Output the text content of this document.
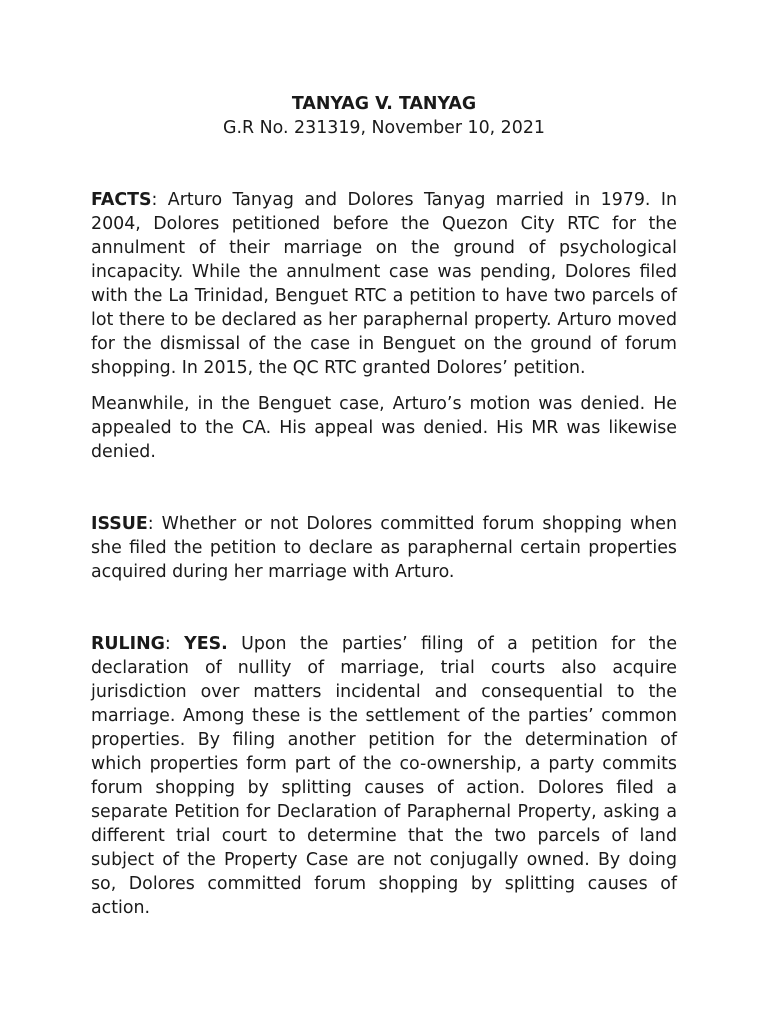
TANYAG V. TANYAG
G.R No. 231319, November 10, 2021

FACTS: Arturo Tanyag and Dolores Tanyag married in 1979. In 2004, Dolores petitioned before the Quezon City RTC for the annulment of their marriage on the ground of psychological incapacity. While the annulment case was pending, Dolores filed with the La Trinidad, Benguet RTC a petition to have two parcels of lot there to be declared as her paraphernal property. Arturo moved for the dismissal of the case in Benguet on the ground of forum shopping. In 2015, the QC RTC granted Dolores’ petition.

Meanwhile, in the Benguet case, Arturo’s motion was denied. He appealed to the CA. His appeal was denied. His MR was likewise denied.

ISSUE: Whether or not Dolores committed forum shopping when she filed the petition to declare as paraphernal certain properties acquired during her marriage with Arturo.

RULING: YES. Upon the parties’ filing of a petition for the declaration of nullity of marriage, trial courts also acquire jurisdiction over matters incidental and consequential to the marriage. Among these is the settlement of the parties’ common properties. By filing another petition for the determination of which properties form part of the co-ownership, a party commits forum shopping by splitting causes of action. Dolores filed a separate Petition for Declaration of Paraphernal Property, asking a different trial court to determine that the two parcels of land subject of the Property Case are not conjugally owned. By doing so, Dolores committed forum shopping by splitting causes of action.
